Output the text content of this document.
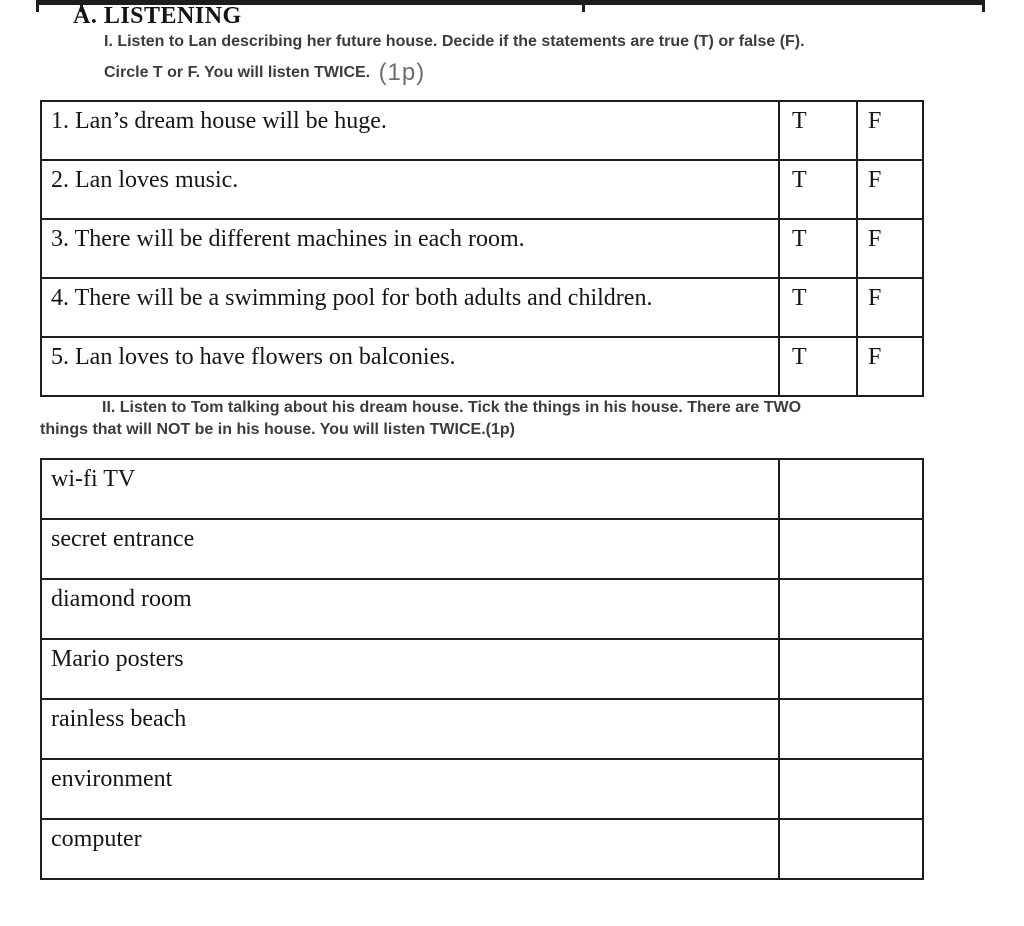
A. LISTENING
I. Listen to Lan describing her future house. Decide if the statements are true (T) or false (F).
Circle T or F. You will listen TWICE. (1p)
1. Lan’s dream house will be huge.	T	F
2. Lan loves music.	T	F
3. There will be different machines in each room.	T	F
4. There will be a swimming pool for both adults and children.	T	F
5. Lan loves to have flowers on balconies.	T	F
II. Listen to Tom talking about his dream house. Tick the things in his house. There are TWO
things that will NOT be in his house. You will listen TWICE.(1p)
wi-fi TV	
secret entrance	
diamond room	
Mario posters	
rainless beach	
environment	
computer	
